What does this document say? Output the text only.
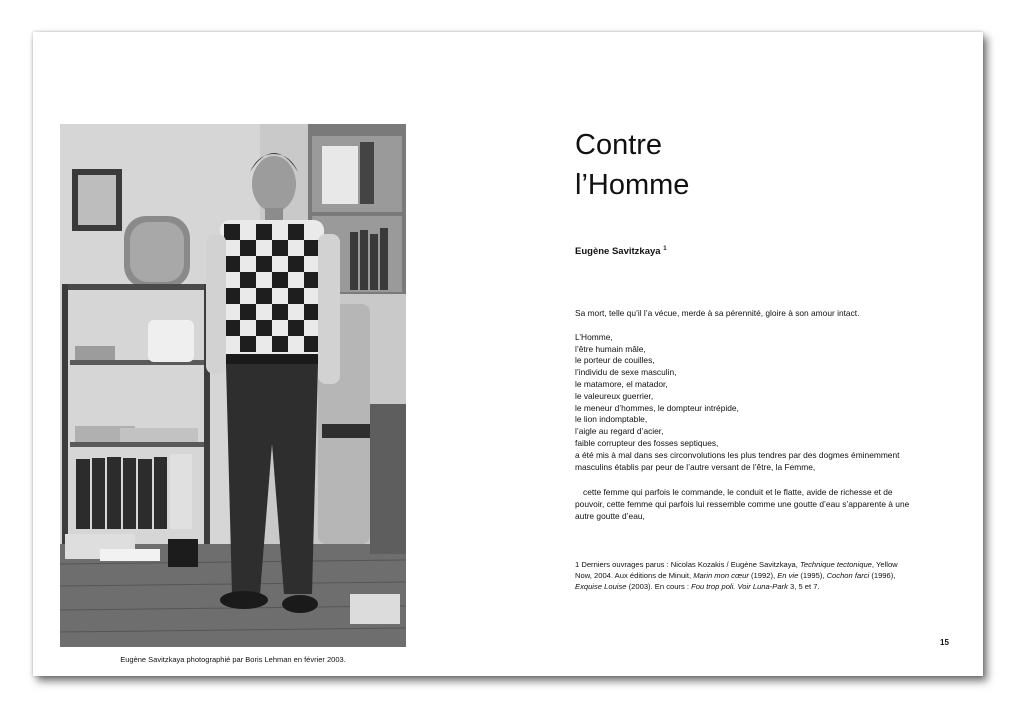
Eugène Savitzkaya photographié par Boris Lehman en février 2003.
Contre
l’Homme
Eugène Savitzkaya $^1$

Sa mort, telle qu’il l’a vécue, merde à sa pérennité, gloire à son amour intact.

L’Homme,

l’être humain mâle,

le porteur de couilles,

l’individu de sexe masculin,

le matamore, el matador,

le valeureux guerrier,

le meneur d’hommes, le dompteur intrépide,

le lion indomptable,

l’aigle au regard d’acier,

faible corrupteur des fosses septiques,

a été mis à mal dans ses circonvolutions les plus tendres par des dogmes éminemment masculins établis par peur de l’autre versant de l’être, la Femme,

cette femme qui parfois le commande, le conduit et le flatte, avide de richesse et de pouvoir, cette femme qui parfois lui ressemble comme une goutte d’eau s’apparente à une autre goutte d’eau,

1 Derniers ouvrages parus : Nicolas Kozakis / Eugène Savitzkaya, Technique tectonique, Yellow Now, 2004. Aux éditions de Minuit, Marin mon cœur (1992), En vie (1995), Cochon farci (1996), Exquise Louise (2003). En cours : Fou trop poli. Voir Luna-Park 3, 5 et 7.
15
